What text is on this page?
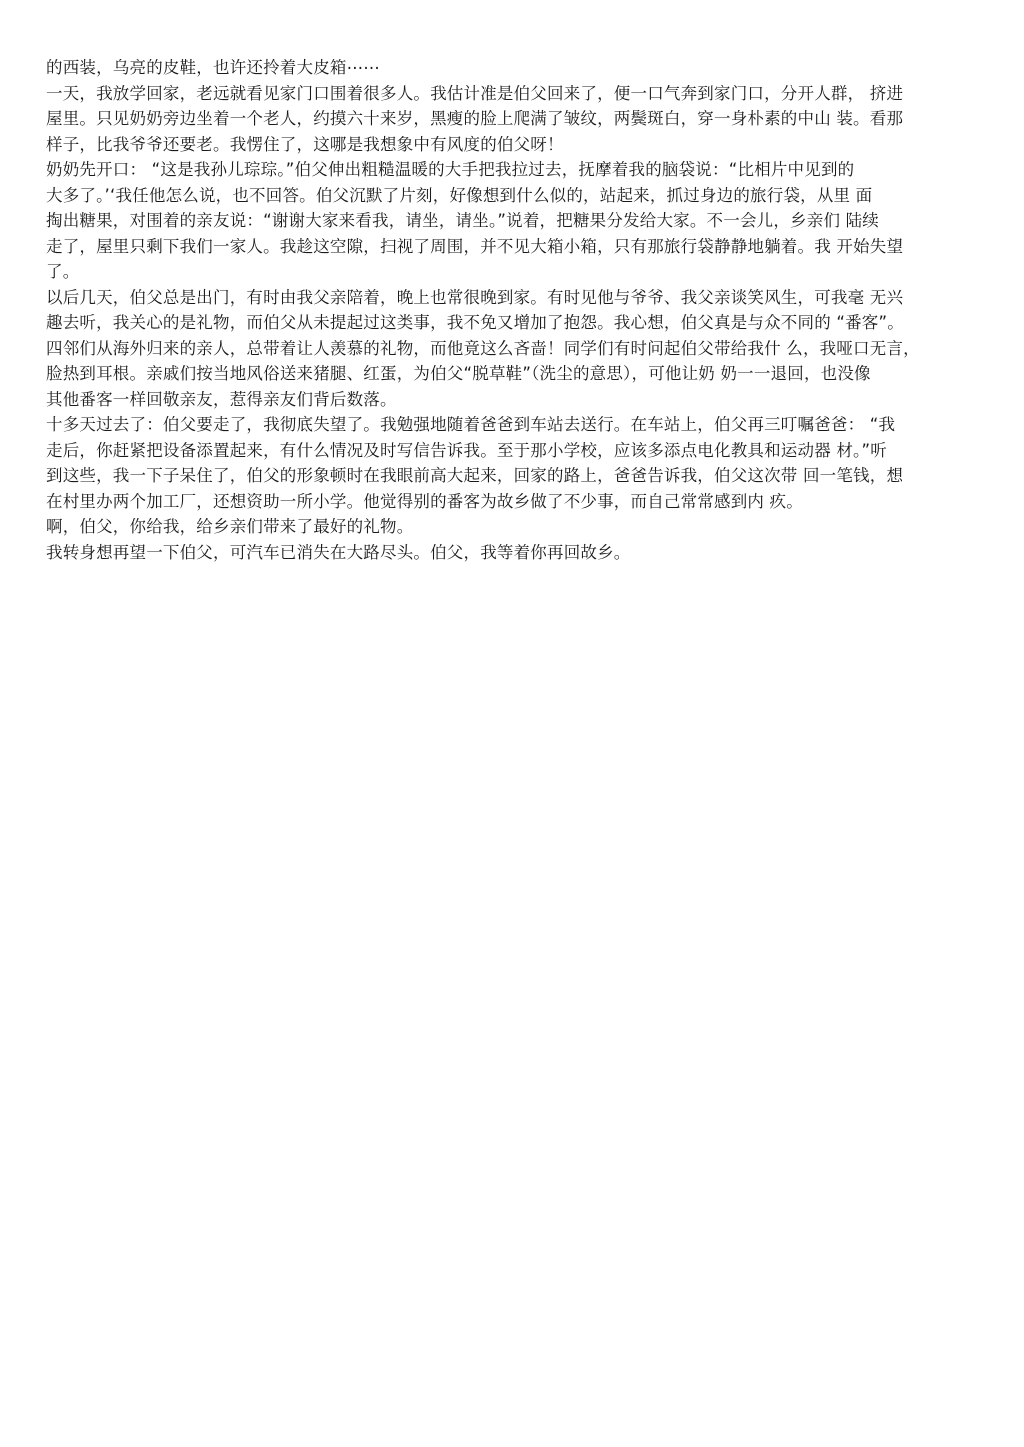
的西装，乌亮的皮鞋，也许还拎着大皮箱⋯⋯
一天，我放学回家，老远就看见家门口围着很多人。我估计准是伯父回来了，便一口气奔到家门口，分开人群， 挤进
屋里。只见奶奶旁边坐着一个老人，约摸六十来岁，黑瘦的脸上爬满了皱纹，两鬓斑白，穿一身朴素的中山 装。看那
样子，比我爷爷还要老。我愣住了，这哪是我想象中有风度的伯父呀！
奶奶先开口： “这是我孙儿琮琮。”伯父伸出粗糙温暖的大手把我拉过去，抚摩着我的脑袋说：“比相片中见到的
大多了。’‘我任他怎么说，也不回答。伯父沉默了片刻，好像想到什么似的，站起来，抓过身边的旅行袋，从里 面
掏出糖果，对围着的亲友说：“谢谢大家来看我，请坐，请坐。”说着，把糖果分发给大家。不一会儿，乡亲们 陆续
走了，屋里只剩下我们一家人。我趁这空隙，扫视了周围，并不见大箱小箱，只有那旅行袋静静地躺着。我 开始失望
了。
以后几天，伯父总是出门，有时由我父亲陪着，晚上也常很晚到家。有时见他与爷爷、我父亲谈笑风生，可我毫 无兴
趣去听，我关心的是礼物，而伯父从未提起过这类事，我不免又增加了抱怨。我心想，伯父真是与众不同的 “番客”。
四邻们从海外归来的亲人，总带着让人羡慕的礼物，而他竟这么吝啬！同学们有时问起伯父带给我什 么，我哑口无言，
脸热到耳根。亲戚们按当地风俗送来猪腿、红蛋，为伯父“脱草鞋”（洗尘的意思），可他让奶 奶一一退回，也没像
其他番客一样回敬亲友，惹得亲友们背后数落。
十多天过去了：伯父要走了，我彻底失望了。我勉强地随着爸爸到车站去送行。在车站上，伯父再三叮嘱爸爸： “我
走后，你赶紧把设备添置起来，有什么情况及时写信告诉我。至于那小学校，应该多添点电化教具和运动器 材。”听
到这些，我一下子呆住了，伯父的形象顿时在我眼前高大起来，回家的路上，爸爸告诉我，伯父这次带 回一笔钱，想
在村里办两个加工厂，还想资助一所小学。他觉得别的番客为故乡做了不少事，而自己常常感到内 疚。
啊，伯父，你给我，给乡亲们带来了最好的礼物。
我转身想再望一下伯父，可汽车已消失在大路尽头。伯父，我等着你再回故乡。
